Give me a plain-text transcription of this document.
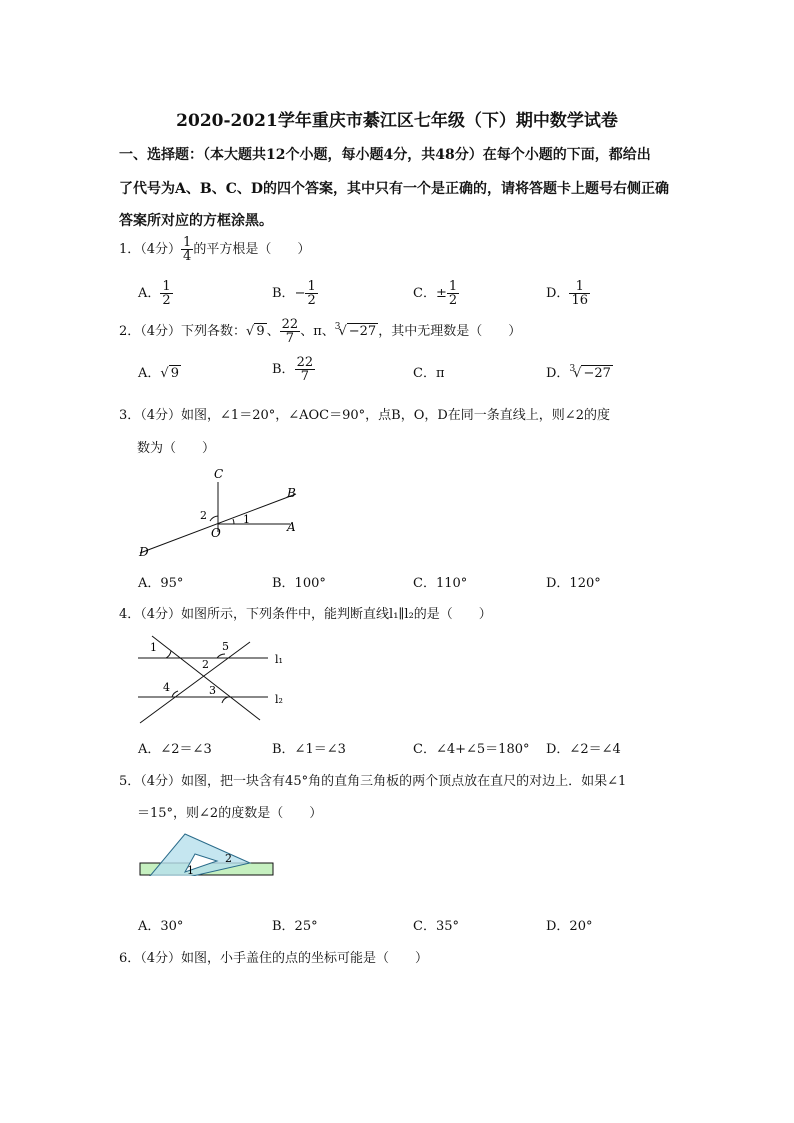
2020-2021学年重庆市綦江区七年级（下）期中数学试卷
一、选择题：（本大题共12个小题，每小题4分，共48分）在每个小题的下面，都给出
了代号为A、B、C、D的四个答案，其中只有一个是正确的，请将答题卡上题号右侧正确
答案所对应的方框涂黑。
1．（4分） $\frac{1}{4}$ 的平方根是（　　）
A． $\frac{1}{2}$	B．− $\frac{1}{2}$	C．± $\frac{1}{2}$	D． $\frac{1}{16}$
2．（4分）下列各数：√ 9 、 $\frac{22}{7}$ 、π、$^3$√ −27 ，其中无理数是（　　）
A．√ 9	B． $\frac{22}{7}$	C．π	D．$^3$√ −27
3．（4分）如图，∠1＝20°，∠AOC＝90°，点B，O，D在同一条直线上，则∠2的度
数为（　　）
C
B
A
O
D
1
2
A．95°	B．100°	C．110°	D．120°
4．（4分）如图所示，下列条件中，能判断直线l₁∥l₂的是（　　）
1
2
3
4
5
l₁
l₂
A．∠2＝∠3	B．∠1＝∠3	C．∠4+∠5＝180° D．∠2＝∠4
5．（4分）如图，把一块含有45°角的直角三角板的两个顶点放在直尺的对边上．如果∠1
＝15°，则∠2的度数是（　　）
2
1
A．30°	B．25°	C．35°	D．20°
6．（4分）如图，小手盖住的点的坐标可能是（　　）
